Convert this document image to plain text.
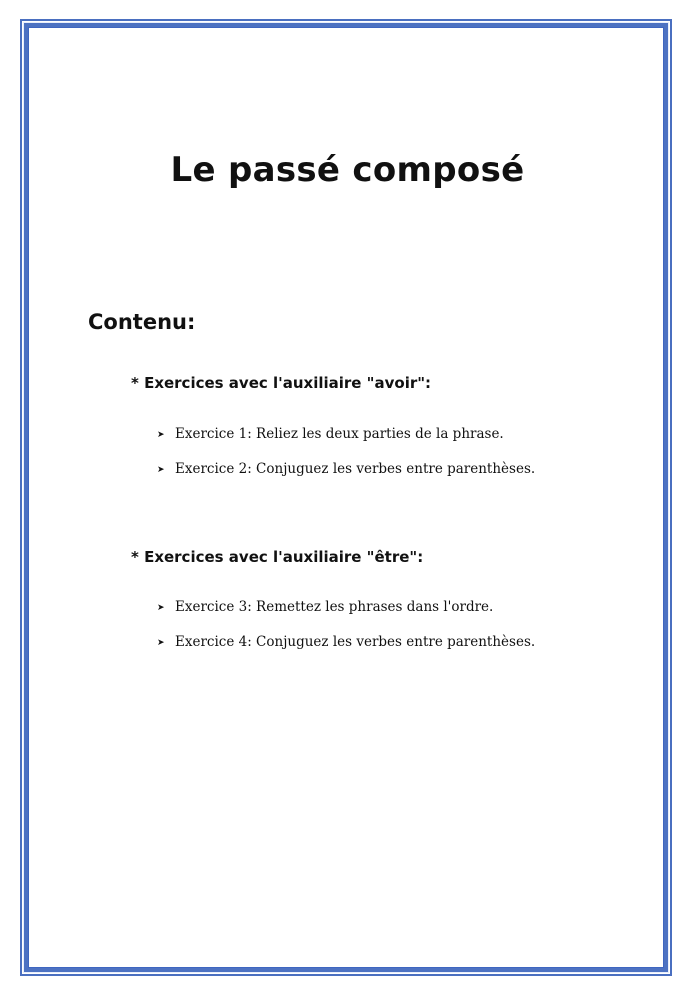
Le passé composé
Contenu:
* Exercices avec l'auxiliaire "avoir":
➤ Exercice 1: Reliez les deux parties de la phrase.
➤ Exercice 2: Conjuguez les verbes entre parenthèses.
* Exercices avec l'auxiliaire "être":
➤ Exercice 3: Remettez les phrases dans l'ordre.
➤ Exercice 4: Conjuguez les verbes entre parenthèses.
